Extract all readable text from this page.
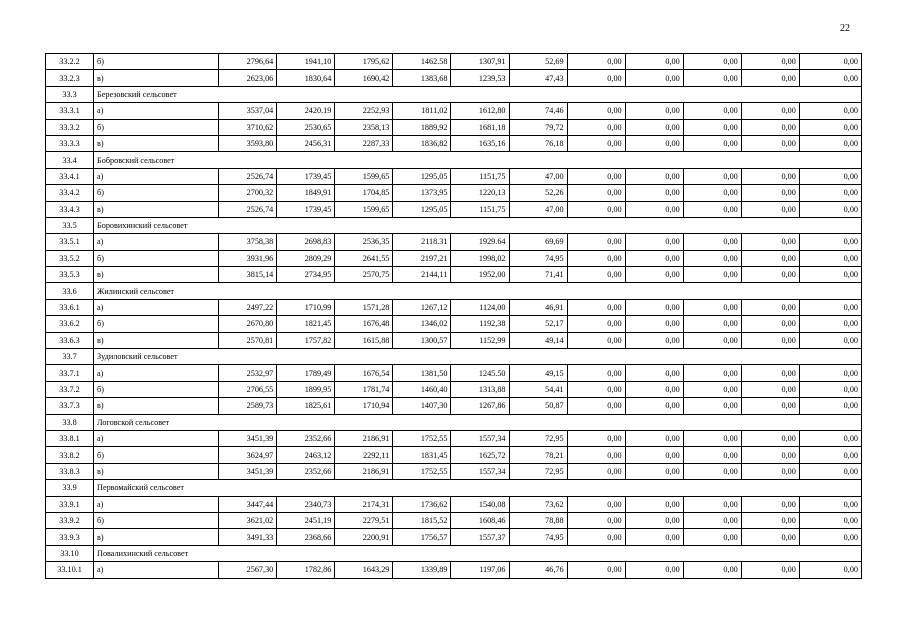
22
33.2.2	б)	2796,64	1941,10	1795,62	1462.58	1307,91	52,69	0,00	0,00	0,00	0,00	0,00
33.2.3	в)	2623,06	1830,64	1690,42	1383,68	1239,53	47,43	0,00	0,00	0,00	0,00	0,00
33.3	Березовский сельсовет											
33.3.1	а)	3537,04	2420.19	2252,93	1811,02	1612,80	74,46	0,00	0,00	0,00	0,00	0,00
33.3.2	б)	3710,62	2530,65	2358,13	1889,92	1681,18	79,72	0,00	0,00	0,00	0,00	0,00
33.3.3	в)	3593,80	2456,31	2287,33	1836,82	1635,16	76,18	0,00	0,00	0,00	0,00	0,00
33.4	Бобровский сельсовет											
33.4.1	а)	2526,74	1739,45	1599,65	1295,05	1151,75	47,00	0,00	0,00	0,00	0,00	0,00
33.4.2	б)	2700,32	1849,91	1704,85	1373,95	1220,13	52,26	0,00	0,00	0,00	0,00	0,00
33.4.3	в)	2526,74	1739,45	1599,65	1295,05	1151,75	47,00	0,00	0,00	0,00	0,00	0,00
33.5	Боровихинский сельсовет											
33.5.1	а)	3758,38	2698,83	2536,35	2118.31	1929.64	69,69	0,00	0,00	0,00	0,00	0,00
33.5.2	б)	3931,96	2809,29	2641,55	2197,21	1998,02	74,95	0,00	0,00	0,00	0,00	0,00
33.5.3	в)	3815,14	2734,95	2570,75	2144,11	1952,00	71,41	0,00	0,00	0,00	0,00	0,00
33.6	Жилинский сельсовет											
33.6.1	а)	2497,22	1710,99	1571,28	1267,12	1124,00	46,91	0,00	0,00	0,00	0,00	0,00
33.6.2	б)	2670,80	1821,45	1676,48	1346,02	1192,38	52,17	0,00	0,00	0,00	0,00	0,00
33.6.3	в)	2570,81	1757,82	1615,88	1300,57	1152,99	49,14	0,00	0,00	0,00	0,00	0,00
33.7	Зудиловский сельсовет											
33.7.1	а)	2532,97	1789,49	1676,54	1381,50	1245.50	49,15	0,00	0,00	0,00	0,00	0,00
33.7.2	б)	2706,55	1899,95	1781,74	1460,40	1313,88	54,41	0,00	0,00	0,00	0,00	0,00
33.7.3	в)	2589,73	1825,61	1710,94	1407,30	1267,86	50,87	0,00	0,00	0,00	0,00	0,00
33.8	Логовской сельсовет											
33.8.1	а)	3451,39	2352,66	2186,91	1752,55	1557,34	72,95	0,00	0,00	0,00	0,00	0,00
33.8.2	б)	3624,97	2463,12	2292,11	1831,45	1625,72	78,21	0,00	0,00	0,00	0,00	0,00
33.8.3	в)	3451,39	2352,66	2186,91	1752,55	1557,34	72,95	0,00	0,00	0,00	0,00	0,00
33.9	Первомайский сельсовет											
33.9.1	а)	3447,44	2340,73	2174,31	1736,62	1540,08	73,62	0,00	0,00	0,00	0,00	0,00
33.9.2	б)	3621,02	2451,19	2279,51	1815,52	1608,46	78,88	0,00	0,00	0,00	0,00	0,00
33.9.3	в)	3491,33	2368,66	2200,91	1756,57	1557,37	74,95	0,00	0,00	0,00	0,00	0,00
33.10	Повалихинский сельсовет											
33.10.1	а)	2567,30	1782,86	1643,29	1339,89	1197,06	46,76	0,00	0,00	0,00	0,00	0,00
